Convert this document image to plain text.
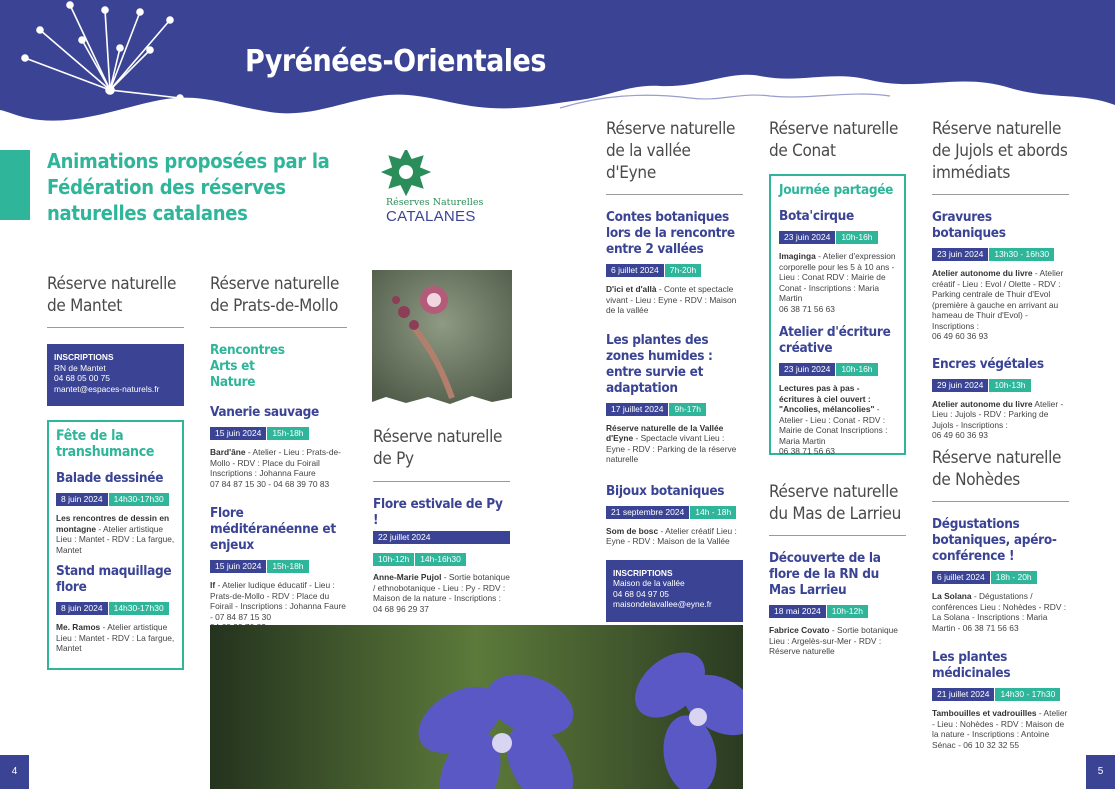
Pyrénées-Orientales
Animations proposées par la Fédération des réserves naturelles catalanes	Réserves Naturelles
CATALANES
Réserve naturelle de Mantet
INSCRIPTIONS
RN de Mantet
04 68 05 00 75
mantet@espaces-naturels.fr
Fête de la transhumance
Balade dessinée
8 juin 2024 14h30-17h30
Les rencontres de dessin en montagne - Atelier artistique
Lieu : Mantet - RDV : La fargue, Mantet
Stand maquillage flore
8 juin 2024 14h30-17h30
Me. Ramos - Atelier artistique
Lieu : Mantet - RDV : La fargue, Mantet
Réserve naturelle de Prats-de-Mollo
Rencontres Arts et Nature
Vanerie sauvage
15 juin 2024 15h-18h
Bard'âne - Atelier - Lieu : Prats-de-Mollo - RDV : Place du Foirail
Inscriptions : Johanna Faure
07 84 87 15 30 - 04 68 39 70 83
Flore méditéranéenne et enjeux
15 juin 2024 15h-18h
If - Atelier ludique éducatif - Lieu : Prats-de-Mollo - RDV : Place du Foirail - Inscriptions : Johanna Faure - 07 84 87 15 30

Réserve naturelle de Py
Flore estivale de Py !
22 juillet 2024
10h-12h 14h-16h30
Anne-Marie Pujol - Sortie botanique / ethnobotanique - Lieu : Py - RDV : Maison de la nature - Inscriptions : 04 68 96 29 37
Réserve naturelle de la vallée d'Eyne
Contes botaniques lors de la rencontre entre 2 vallées
6 juillet 2024 7h-20h
D'ici et d'allà - Conte et spectacle vivant - Lieu : Eyne - RDV : Maison de la vallée
Les plantes des zones humides : entre survie et adaptation
17 juillet 2024 9h-17h
Réserve naturelle de la Vallée d'Eyne - Spectacle vivant Lieu : Eyne - RDV : Parking de la réserve naturelle
Bijoux botaniques
21 septembre 2024 14h - 18h
Som de bosc - Atelier créatif Lieu : Eyne - RDV : Maison de la Vallée
INSCRIPTIONS
Maison de la vallée
04 68 04 97 05
maisondelavallee@eyne.fr
Réserve naturelle de Conat
Journée partagée
Bota'cirque
23 juin 2024 10h-16h
Imaginga - Atelier d'expression corporelle pour les 5 à 10 ans - Lieu : Conat RDV : Mairie de Conat - Inscriptions : Maria Martin
06 38 71 56 63
Atelier d'écriture créative
23 juin 2024 10h-16h
Lectures pas à pas - écritures à ciel ouvert : "Ancolies, mélancolies" - Atelier - Lieu : Conat - RDV : Mairie de Conat Inscriptions : Maria Martin
06 38 71 56 63
Réserve naturelle du Mas de Larrieu
Découverte de la flore de la RN du Mas Larrieu
18 mai 2024 10h-12h
Fabrice Covato - Sortie botanique Lieu : Argelès-sur-Mer - RDV : Réserve naturelle
Réserve naturelle de Jujols et abords immédiats
Gravures botaniques
23 juin 2024 13h30 - 16h30
Atelier autonome du livre - Atelier créatif - Lieu : Evol / Olette - RDV : Parking centrale de Thuir d'Evol (première à gauche en arrivant au hameau de Thuir d'Evol) - Inscriptions :
06 49 60 36 93
Encres végétales
29 juin 2024 10h-13h
Atelier autonome du livre Atelier - Lieu : Jujols - RDV : Parking de Jujols - Inscriptions :
06 49 60 36 93
Réserve naturelle de Nohèdes
Dégustations botaniques, apéro-conférence !
6 juillet 2024 18h - 20h
La Solana - Dégustations / conférences Lieu : Nohèdes - RDV : La Solana - Inscriptions : Maria Martin - 06 38 71 56 63
Les plantes médicinales
21 juillet 2024 14h30 - 17h30
Tambouilles et vadrouilles - Atelier - Lieu : Nohèdes - RDV : Maison de la nature - Inscriptions : Antoine Sénac - 06 10 32 32 55
4	5
